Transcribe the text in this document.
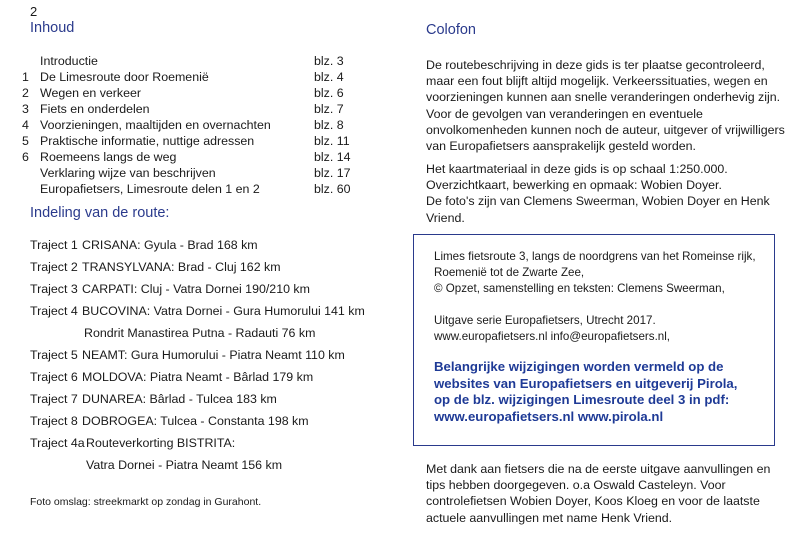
2
Inhoud
Introductie	blz. 3
1 De Limesroute door Roemenië	blz. 4
2 Wegen en verkeer	blz. 6
3 Fiets en onderdelen	blz. 7
4 Voorzieningen, maaltijden en overnachten	blz. 8
5 Praktische informatie, nuttige adressen	blz. 11
6 Roemeens langs de weg	blz. 14
Verklaring wijze van beschrijven	blz. 17
Europafietsers, Limesroute delen 1 en 2	blz. 60
Indeling van de route:
Traject 1 CRISANA: Gyula - Brad 168 km
Traject 2 TRANSYLVANA: Brad - Cluj 162 km
Traject 3 CARPATI: Cluj - Vatra Dornei 190/210 km
Traject 4 BUCOVINA: Vatra Dornei - Gura Humorului 141 km
Rondrit Manastirea Putna - Radauti 76 km
Traject 5 NEAMT: Gura Humorului - Piatra Neamt 110 km
Traject 6 MOLDOVA: Piatra Neamt - Bârlad 179 km
Traject 7 DUNAREA: Bârlad - Tulcea 183 km
Traject 8 DOBROGEA: Tulcea - Constanta 198 km
Traject 4a Routeverkorting BISTRITA:
Vatra Dornei - Piatra Neamt 156 km
Foto omslag: streekmarkt op zondag in Gurahont.
Colofon

De routebeschrijving in deze gids is ter plaatse gecontroleerd,

maar een fout blijft altijd mogelijk. Verkeerssituaties, wegen en

voorzieningen kunnen aan snelle veranderingen onderhevig zijn.

Voor de gevolgen van veranderingen en eventuele

onvolkomenheden kunnen noch de auteur, uitgever of vrijwilligers

van Europafietsers aansprakelijk gesteld worden.

Het kaartmateriaal in deze gids is op schaal 1:250.000.

Overzichtkaart, bewerking en opmaak: Wobien Doyer.

De foto's zijn van Clemens Sweerman, Wobien Doyer en Henk

Vriend.

Limes fietsroute 3, langs de noordgrens van het Romeinse rijk,

Roemenië tot de Zwarte Zee,

© Opzet, samenstelling en teksten: Clemens Sweerman,

Uitgave serie Europafietsers, Utrecht 2017.

www.europafietsers.nl info@europafietsers.nl,

Belangrijke wijzigingen worden vermeld op de

websites van Europafietsers en uitgeverij Pirola,

op de blz. wijzigingen Limesroute deel 3 in pdf:

www.europafietsers.nl www.pirola.nl

Met dank aan fietsers die na de eerste uitgave aanvullingen en

tips hebben doorgegeven. o.a Oswald Casteleyn. Voor

controlefietsen Wobien Doyer, Koos Kloeg en voor de laatste

actuele aanvullingen met name Henk Vriend.
